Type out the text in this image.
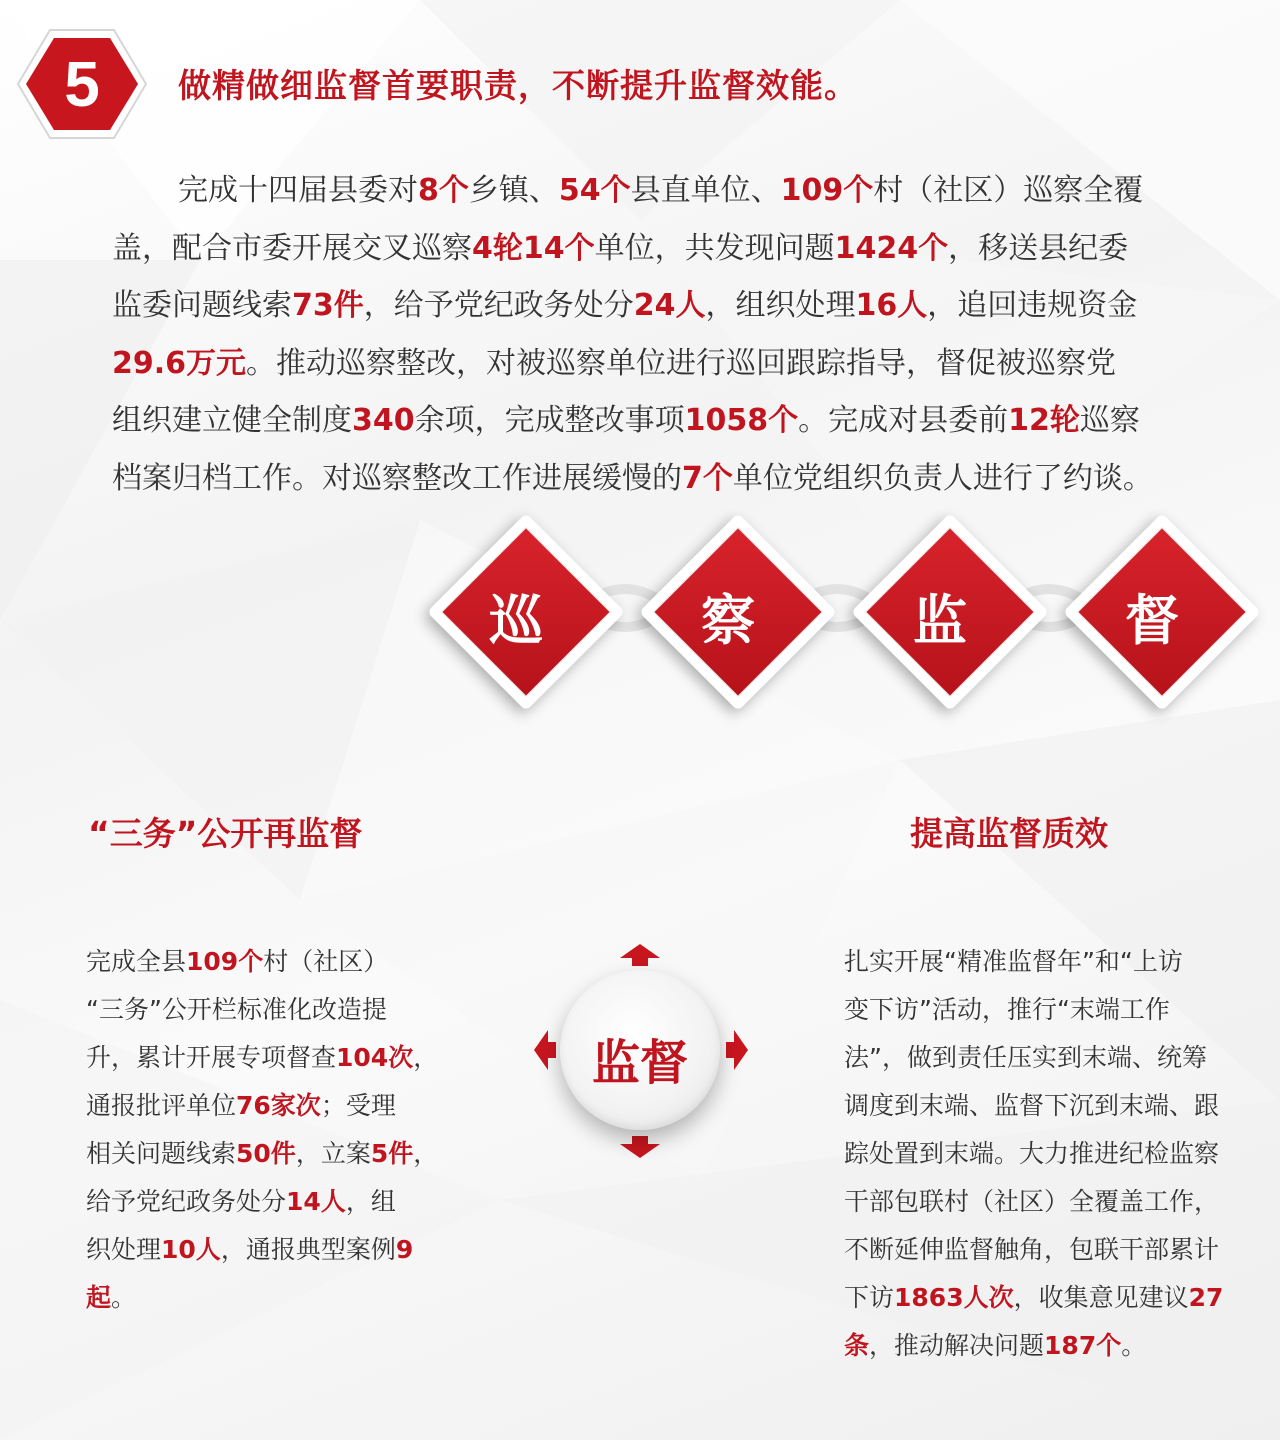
5	做精做细监督首要职责，不断提升监督效能。
完成十四届县委对8个乡镇、54个县直单位、109个村（社区）巡察全覆
盖，配合市委开展交叉巡察4轮14个单位，共发现问题1424个，移送县纪委
监委问题线索73件，给予党纪政务处分24人，组织处理16人，追回违规资金
29.6万元。推动巡察整改，对被巡察单位进行巡回跟踪指导，督促被巡察党
组织建立健全制度340余项，完成整改事项1058个。完成对县委前12轮巡察
档案归档工作。对巡察整改工作进展缓慢的7个单位党组织负责人进行了约谈。
巡	察	监	督
“三务”公开再监督	提高监督质效
完成全县109个村（社区）
“三务”公开栏标准化改造提
升，累计开展专项督查104次，
通报批评单位76家次；受理
相关问题线索50件，立案5件，
给予党纪政务处分14人，组
织处理10人，通报典型案例9
起。
扎实开展“精准监督年”和“上访
变下访”活动，推行“末端工作
法”，做到责任压实到末端、统筹
调度到末端、监督下沉到末端、跟
踪处置到末端。大力推进纪检监察
干部包联村（社区）全覆盖工作，
不断延伸监督触角，包联干部累计
下访1863人次，收集意见建议27
条，推动解决问题187个。
监督
